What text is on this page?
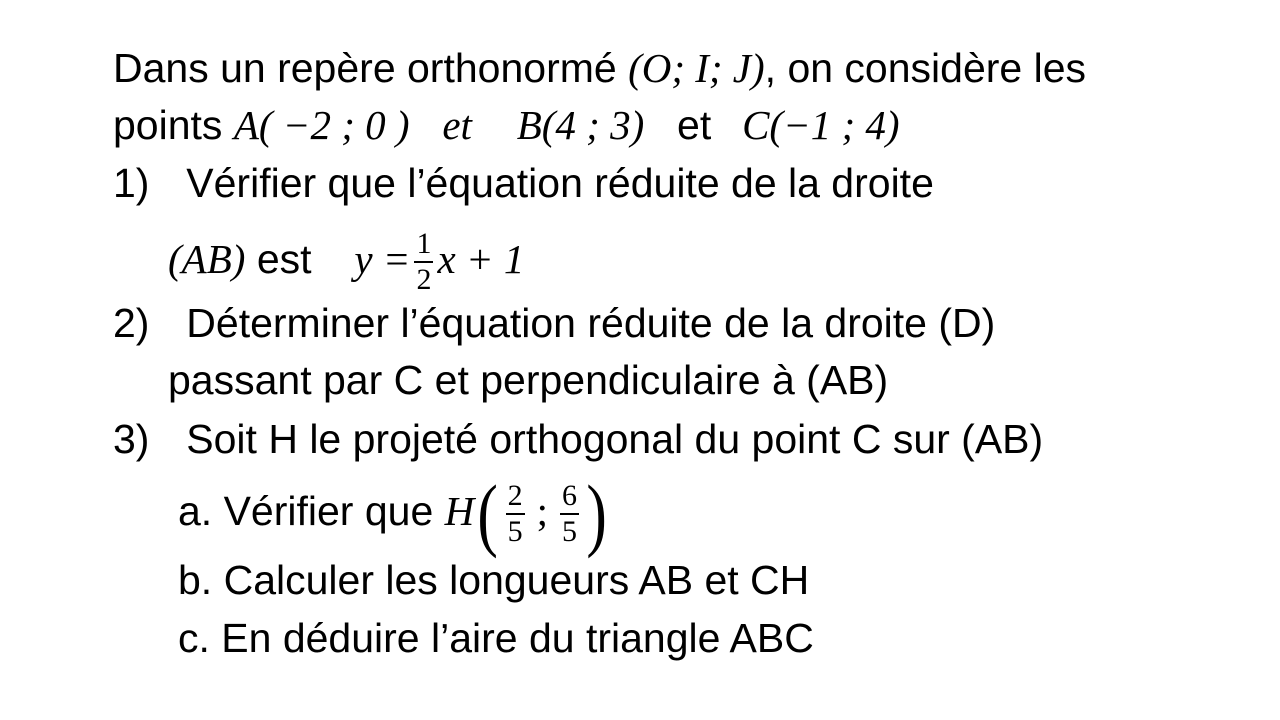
Dans un repère orthonormé (O; I; J), on considère les
points A( −2 ; 0 ) et B(4 ; 3) et C(−1 ; 4)
1) Vérifier que l’équation réduite de la droite
(AB) est $y = \frac{1}{2}$ x + 1
2) Déterminer l’équation réduite de la droite (D)
passant par C et perpendiculaire à (AB)
3) Soit H le projeté orthogonal du point C sur (AB)
a. Vérifier que $H( \frac{2}{5}$ ; $\frac{6}{5}$ )
b. Calculer les longueurs AB et CH
c. En déduire l’aire du triangle ABC
